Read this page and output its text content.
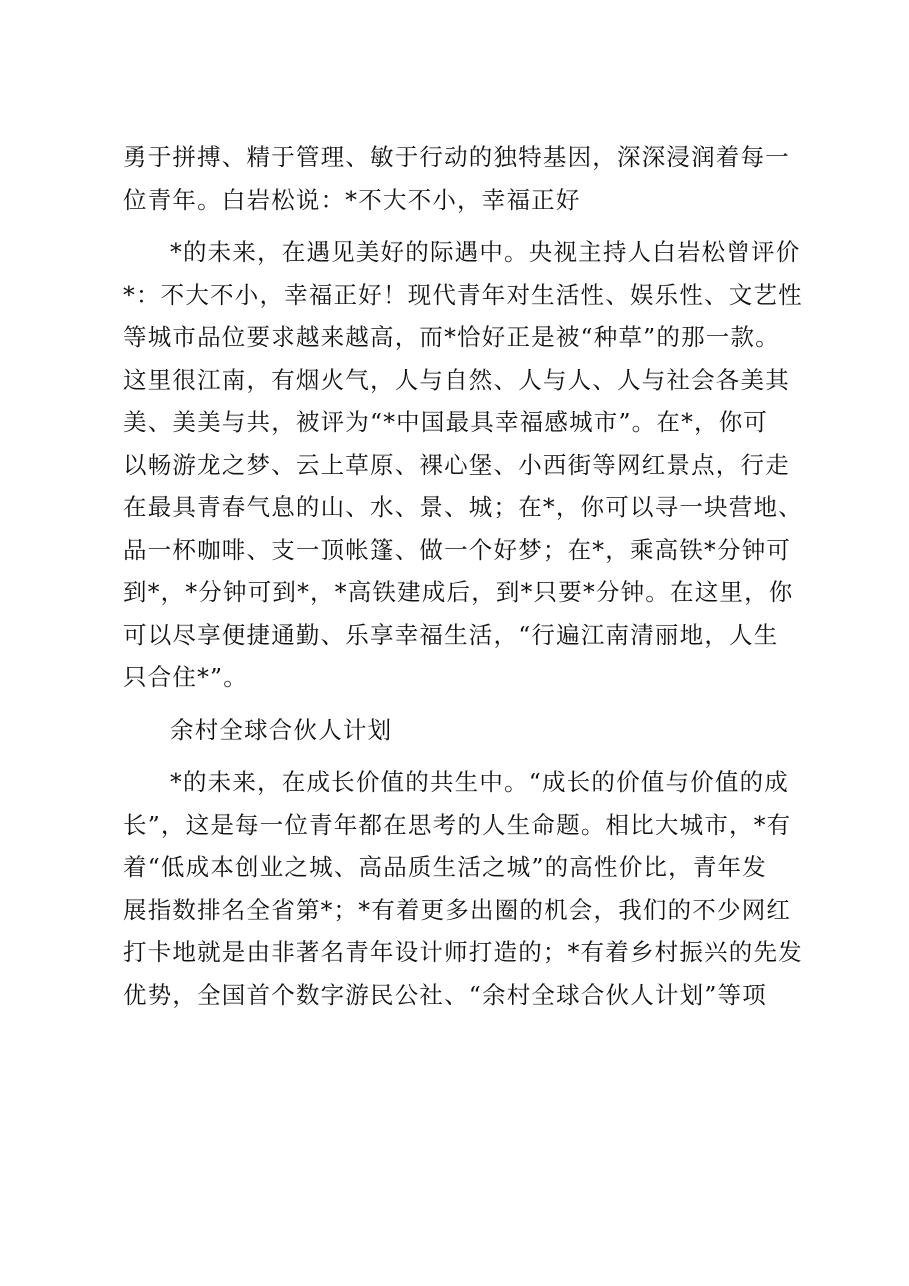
勇于拼搏、精于管理、敏于行动的独特基因，深深浸润着每一
位青年。白岩松说：*不大不小，幸福正好
*的未来，在遇见美好的际遇中。央视主持人白岩松曾评价
*：不大不小，幸福正好！现代青年对生活性、娱乐性、文艺性
等城市品位要求越来越高，而*恰好正是被“种草”的那一款。
这里很江南，有烟火气，人与自然、人与人、人与社会各美其
美、美美与共，被评为“*中国最具幸福感城市”。在*，你可
以畅游龙之梦、云上草原、裸心堡、小西街等网红景点，行走
在最具青春气息的山、水、景、城；在*，你可以寻一块营地、
品一杯咖啡、支一顶帐篷、做一个好梦；在*，乘高铁*分钟可
到*，*分钟可到*，*高铁建成后，到*只要*分钟。在这里，你
可以尽享便捷通勤、乐享幸福生活，“行遍江南清丽地，人生
只合住*”。
余村全球合伙人计划
*的未来，在成长价值的共生中。“成长的价值与价值的成
长”，这是每一位青年都在思考的人生命题。相比大城市，*有
着“低成本创业之城、高品质生活之城”的高性价比，青年发
展指数排名全省第*；*有着更多出圈的机会，我们的不少网红
打卡地就是由非著名青年设计师打造的；*有着乡村振兴的先发
优势，全国首个数字游民公社、“余村全球合伙人计划”等项
